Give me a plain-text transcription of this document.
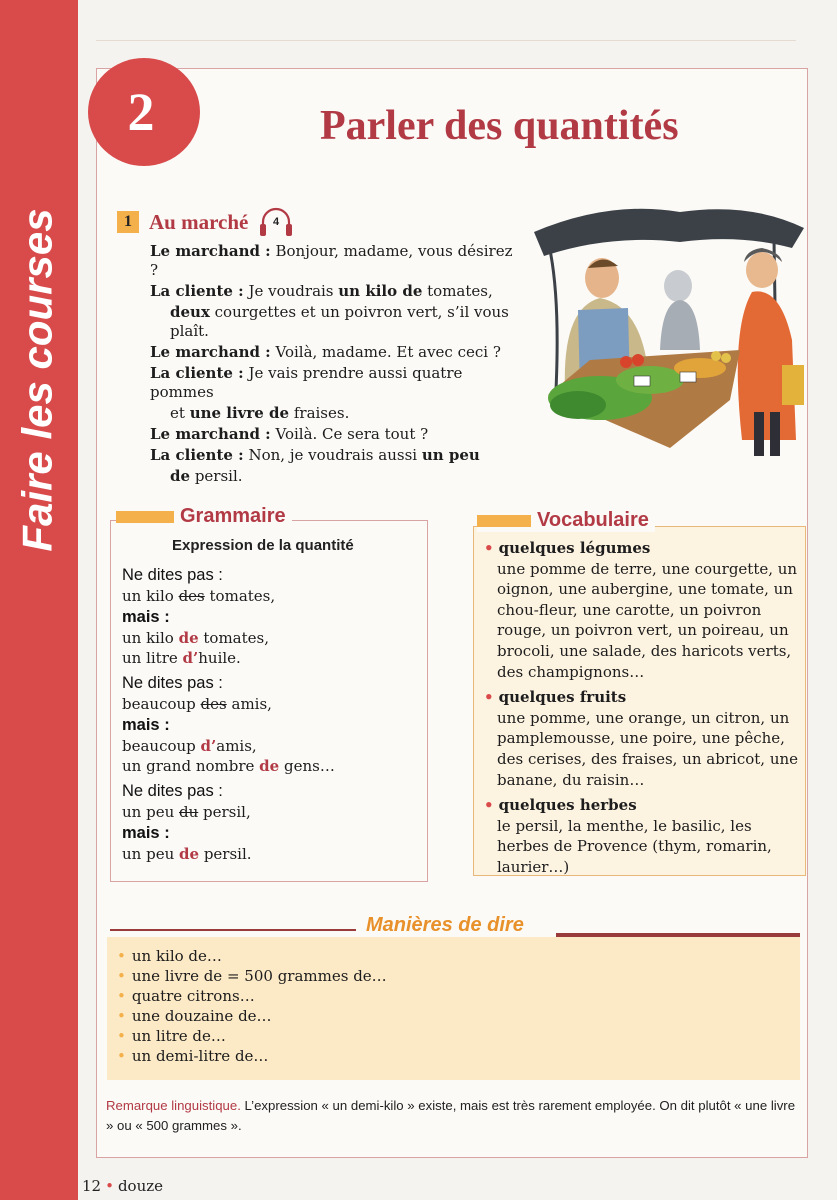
Faire les courses
2	Parler des quantités
1 Au marché 4

Le marchand : Bonjour, madame, vous désirez ?

La cliente : Je voudrais un kilo de tomates,

deux courgettes et un poivron vert, s’il vous plaît.

Le marchand : Voilà, madame. Et avec ceci ?

La cliente : Je vais prendre aussi quatre pommes

et une livre de fraises.

Le marchand : Voilà. Ce sera tout ?

La cliente : Non, je voudrais aussi un peu

de persil.

Grammaire
Expression de la quantité
Ne dites pas :
un kilo des tomates,
mais :
un kilo de tomates,
un litre d’huile.
Ne dites pas :
beaucoup des amis,
mais :
beaucoup d’amis,
un grand nombre de gens…
Ne dites pas :
un peu du persil,
mais :
un peu de persil.
Vocabulaire
• quelques légumes
une pomme de terre, une courgette, un oignon, une aubergine, une tomate, un chou-fleur, une carotte, un poivron rouge, un poivron vert, un poireau, un brocoli, une salade, des haricots verts, des champignons…
• quelques fruits
une pomme, une orange, un citron, un pamplemousse, une poire, une pêche, des cerises, des fraises, un abricot, une banane, du raisin…
• quelques herbes
le persil, la menthe, le basilic, les herbes de Provence (thym, romarin, laurier…)
Manières de dire
• un kilo de…
• une livre de = 500 grammes de…
• quatre citrons…
• une douzaine de…
• un litre de…
• un demi-litre de…

Remarque linguistique. L’expression « un demi-kilo » existe, mais est très rarement employée. On dit plutôt « une livre » ou « 500 grammes ».

12 • douze
